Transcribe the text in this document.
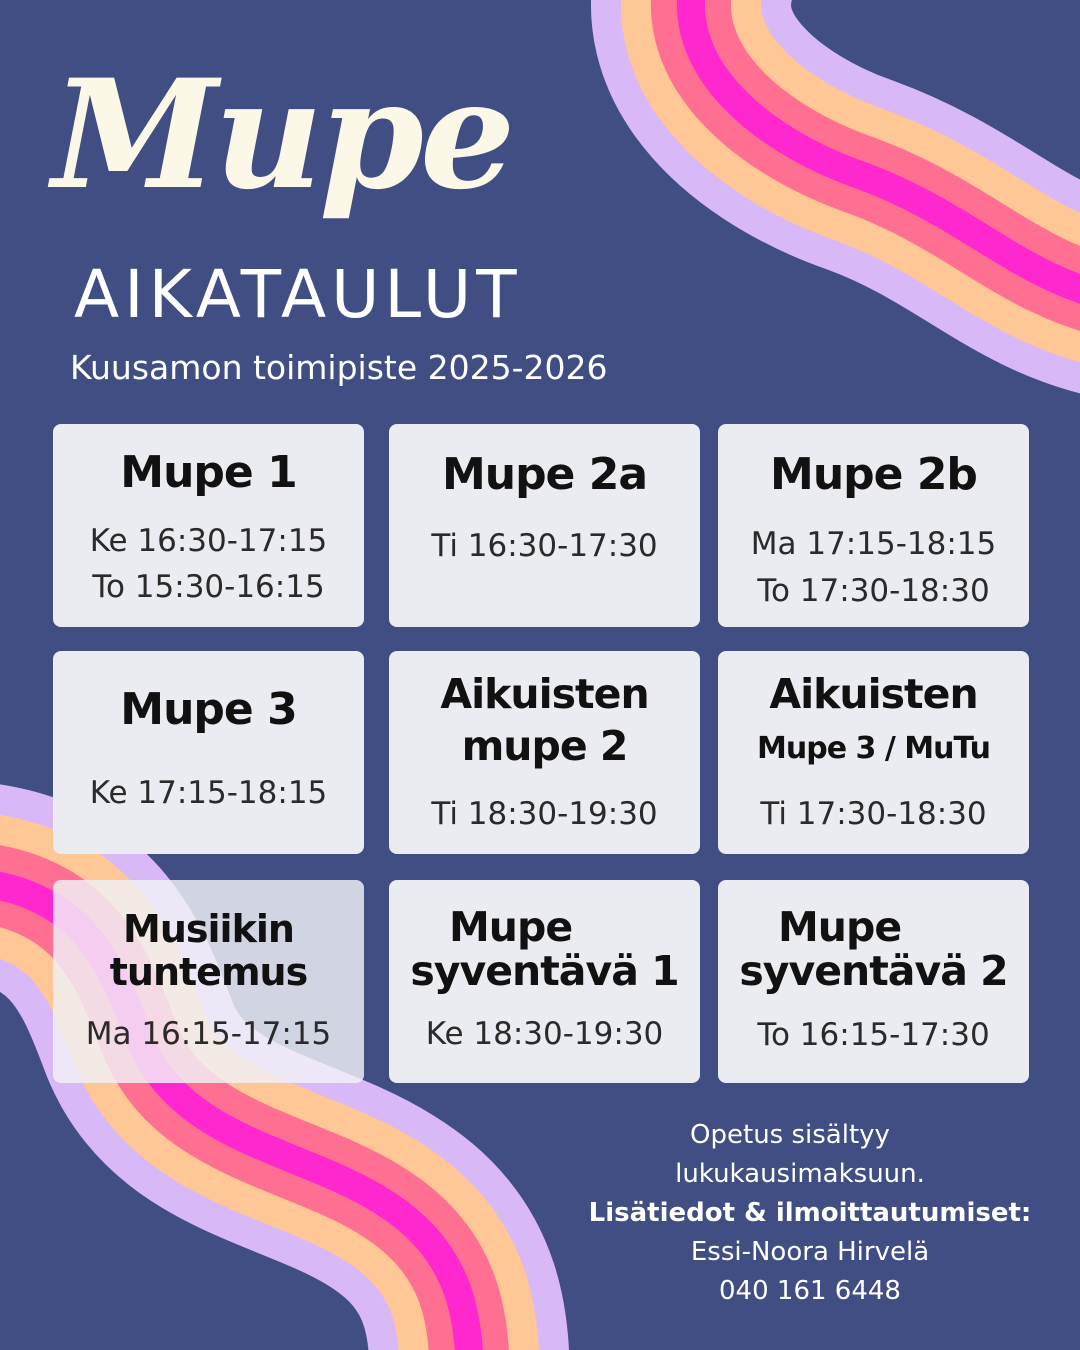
Mupe
AIKATAULUT
Kuusamon toimipiste 2025-2026
Mupe 1
Ke 16:30-17:15
To 15:30-16:15
Mupe 2a
Ti 16:30-17:30
Mupe 2b
Ma 17:15-18:15
To 17:30-18:30
Mupe 3
Ke 17:15-18:15
Aikuisten
mupe 2
Ti 18:30-19:30
Aikuisten
Mupe 3 / MuTu
Ti 17:30-18:30
Musiikin
tuntemus
Ma 16:15-17:15
Mupe
syventävä 1
Ke 18:30-19:30
Mupe
syventävä 2
To 16:15-17:30
Opetus sisältyy
lukukausimaksuun.
Lisätiedot & ilmoittautumiset:
Essi-Noora Hirvelä
040 161 6448
